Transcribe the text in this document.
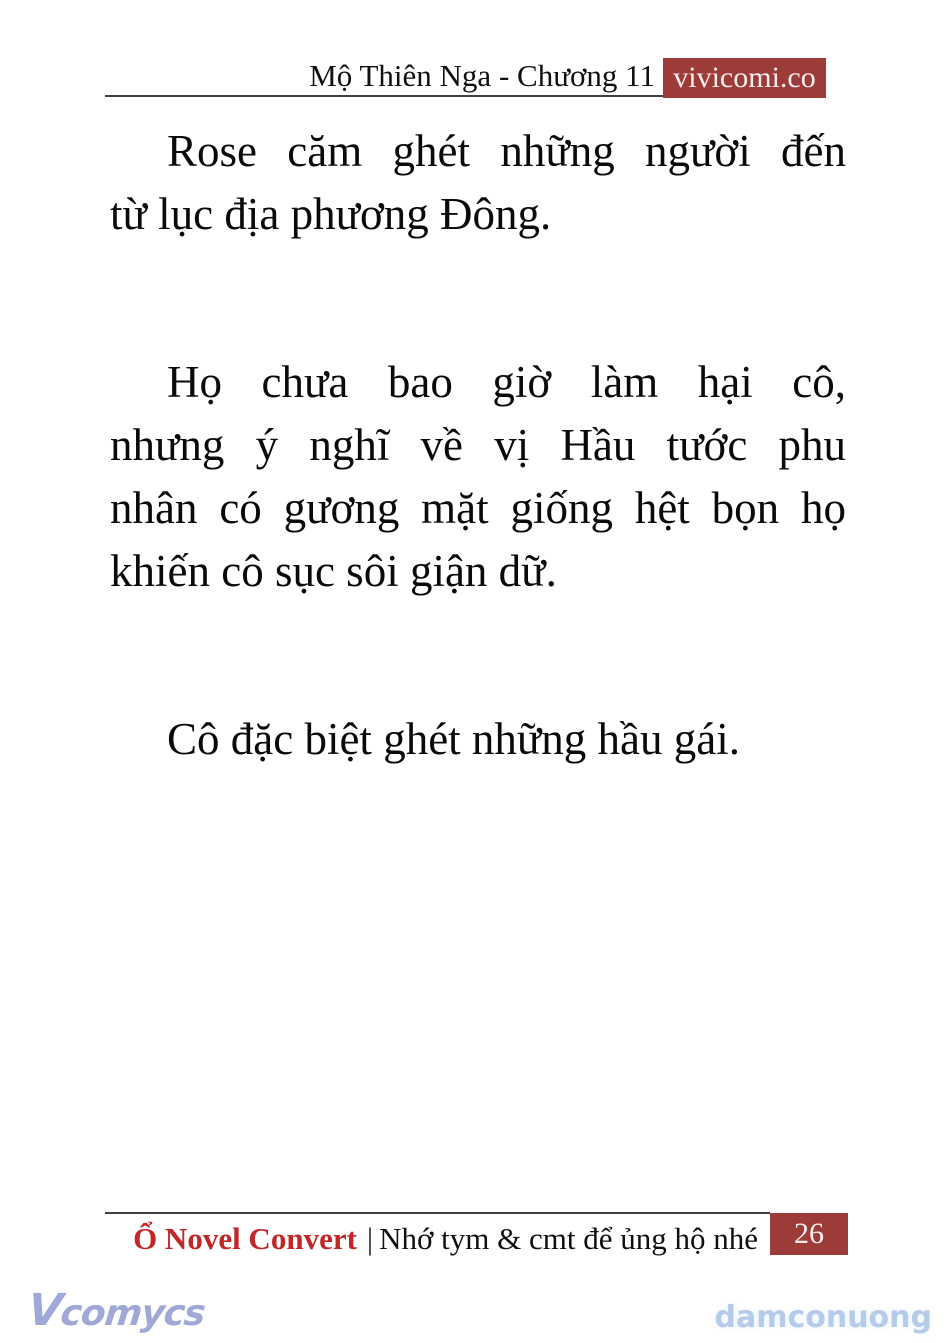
Mộ Thiên Nga - Chương 11 vivicomi.co
Rose căm ghét những người đến
từ lục địa phương Đông.
Họ chưa bao giờ làm hại cô,
nhưng ý nghĩ về vị Hầu tước phu
nhân có gương mặt giống hệt bọn họ
khiến cô sục sôi giận dữ.
Cô đặc biệt ghét những hầu gái.
Ổ Novel Convert | Nhớ tym & cmt để ủng hộ nhé	26
Vcomycs	damconuong
